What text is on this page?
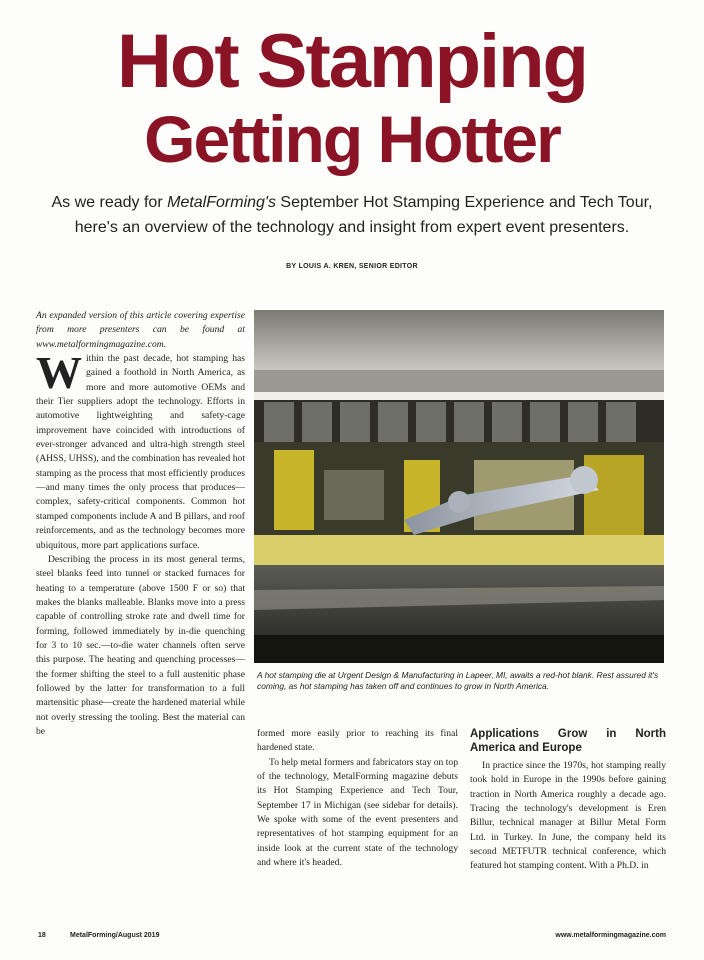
Hot Stamping
Getting Hotter
As we ready for MetalForming's September Hot Stamping Experience and Tech Tour, here's an overview of the technology and insight from expert event presenters.
BY LOUIS A. KREN, SENIOR EDITOR

An expanded version of this article covering expertise from more presenters can be found at www.metalformingmagazine.com.

Within the past decade, hot stamping has gained a foothold in North America, as more and more automotive OEMs and their Tier suppliers adopt the technology. Efforts in automotive lightweighting and safety-cage improvement have coincided with introductions of ever-stronger advanced and ultra-high strength steel (AHSS, UHSS), and the combination has revealed hot stamping as the process that most efficiently produces—and many times the only process that produces—complex, safety-critical components. Common hot stamped components include A and B pillars, and roof reinforcements, and as the technology becomes more ubiquitous, more part applications surface.

Describing the process in its most general terms, steel blanks feed into tunnel or stacked furnaces for heating to a temperature (above 1500 F or so) that makes the blanks malleable. Blanks move into a press capable of controlling stroke rate and dwell time for forming, followed immediately by in-die quenching for 3 to 10 sec.—to-die water channels often serve this purpose. The heating and quenching processes—the former shifting the steel to a full austenitic phase followed by the latter for transformation to a full martensitic phase—create the hardened material while not overly stressing the tooling. Best the material can be

A hot stamping die at Urgent Design & Manufacturing in Lapeer, MI, awaits a red-hot blank. Rest assured it's coming, as hot stamping has taken off and continues to grow in North America.

formed more easily prior to reaching its final hardened state.

To help metal formers and fabricators stay on top of the technology, MetalForming magazine debuts its Hot Stamping Experience and Tech Tour, September 17 in Michigan (see sidebar for details). We spoke with some of the event presenters and representatives of hot stamping equipment for an inside look at the current state of the technology and where it's headed.

Applications Grow in North America and Europe

In practice since the 1970s, hot stamping really took hold in Europe in the 1990s before gaining traction in North America roughly a decade ago. Tracing the technology's development is Eren Billur, technical manager at Billur Metal Form Ltd. in Turkey. In June, the company held its second METFUTR technical conference, which featured hot stamping content. With a Ph.D. in

18	MetalForming/August 2019	www.metalformingmagazine.com
